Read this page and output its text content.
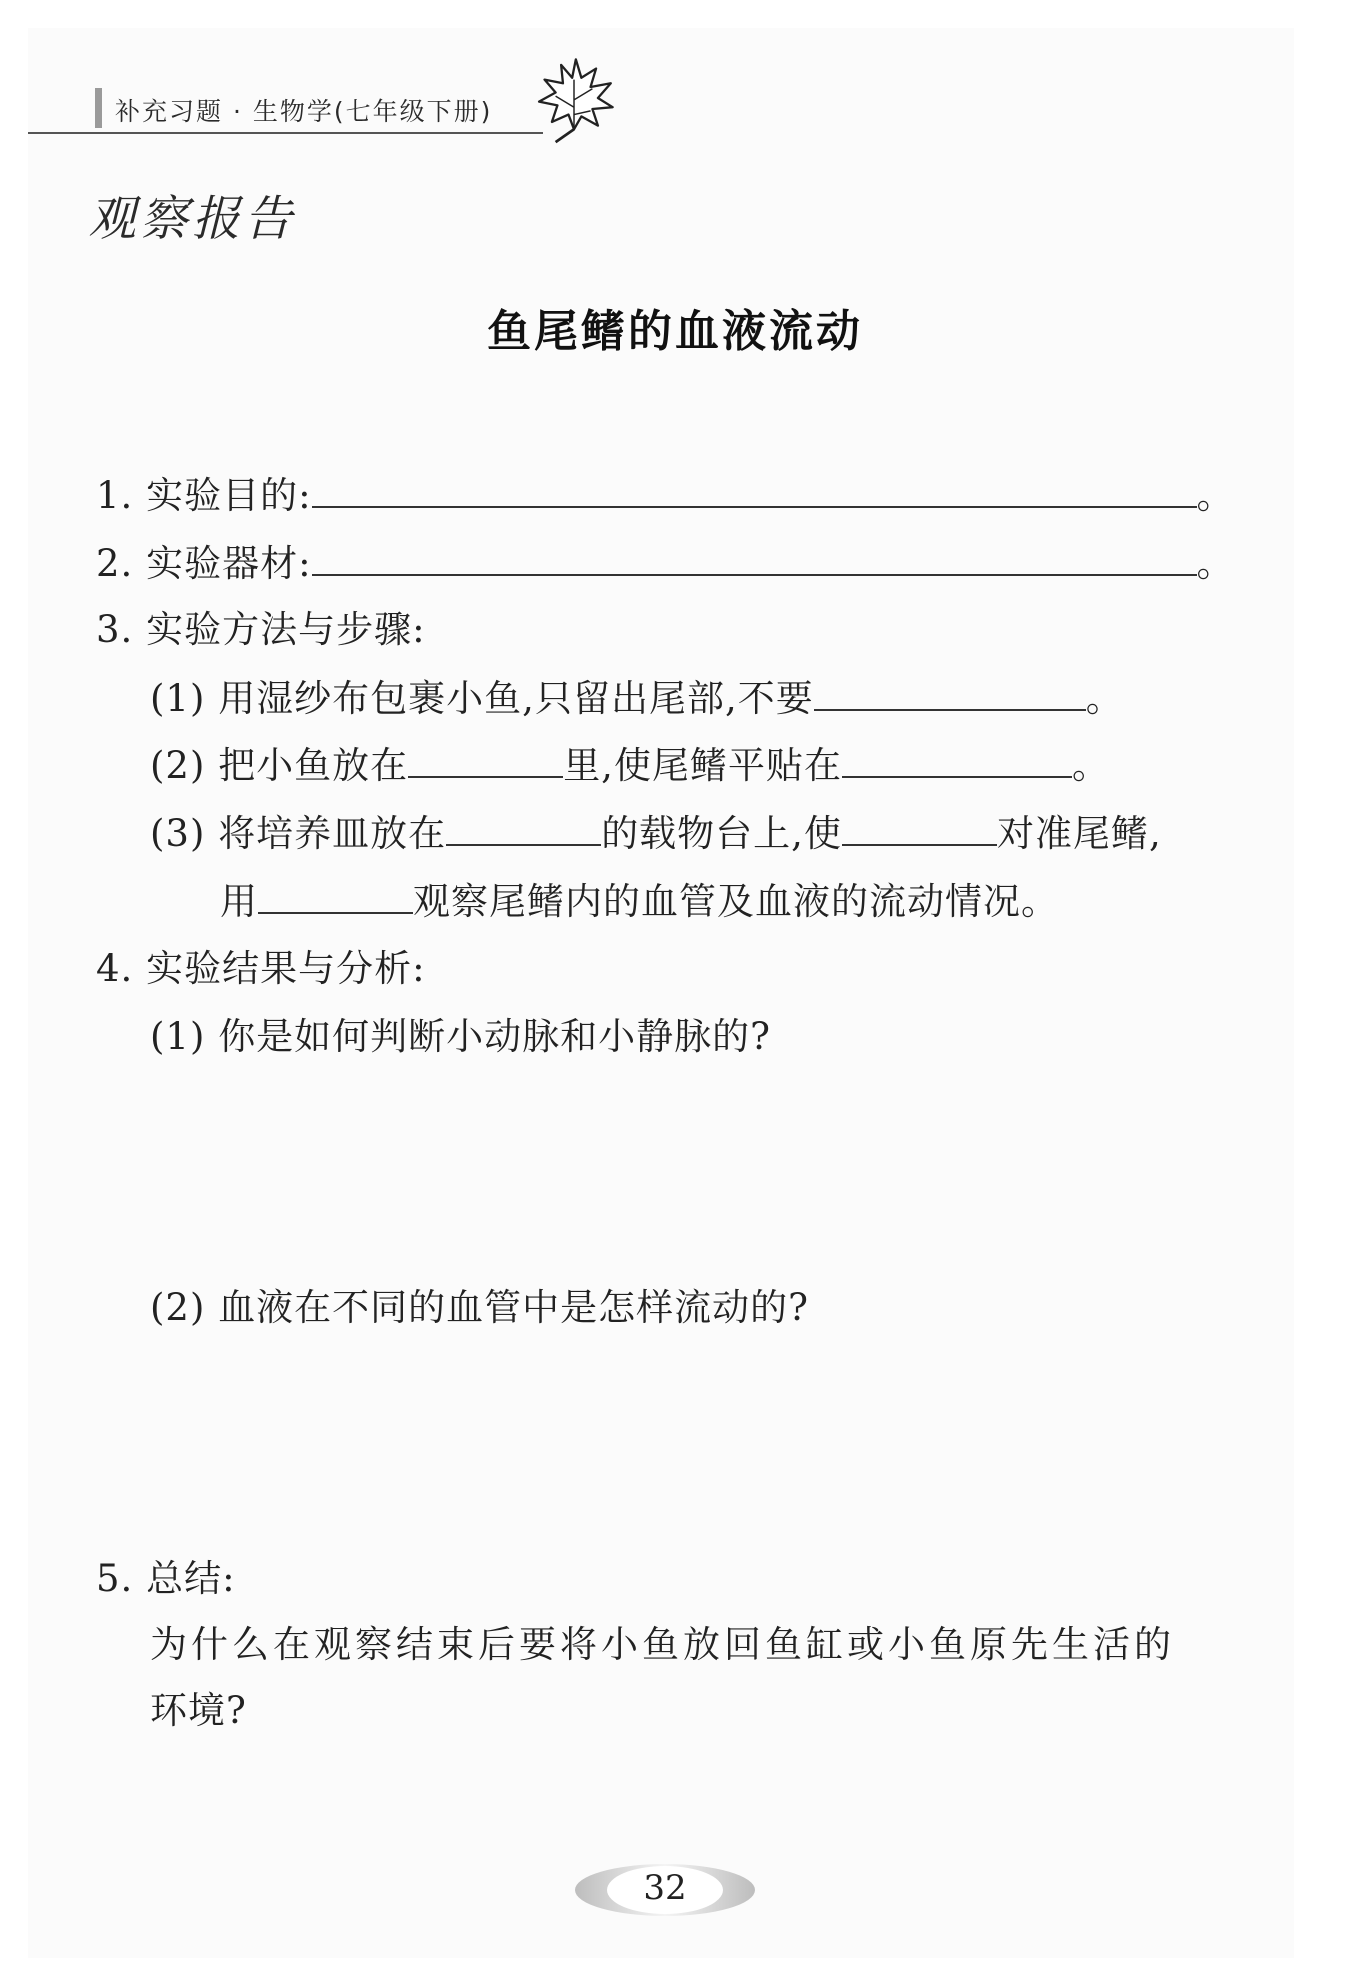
补充习题 · 生物学(七年级下册)
观察报告
鱼尾鳍的血液流动
1. 实验目的:	。
2. 实验器材:	。
3. 实验方法与步骤:
(1) 用湿纱布包裹小鱼,只留出尾部,不要	。
(2) 把小鱼放在	里,使尾鳍平贴在	。
(3) 将培养皿放在	的载物台上,使	对准尾鳍,
用	观察尾鳍内的血管及血液的流动情况。
4. 实验结果与分析:
(1) 你是如何判断小动脉和小静脉的?
(2) 血液在不同的血管中是怎样流动的?
5. 总结:
为什么在观察结束后要将小鱼放回鱼缸或小鱼原先生活的
环境?
32
